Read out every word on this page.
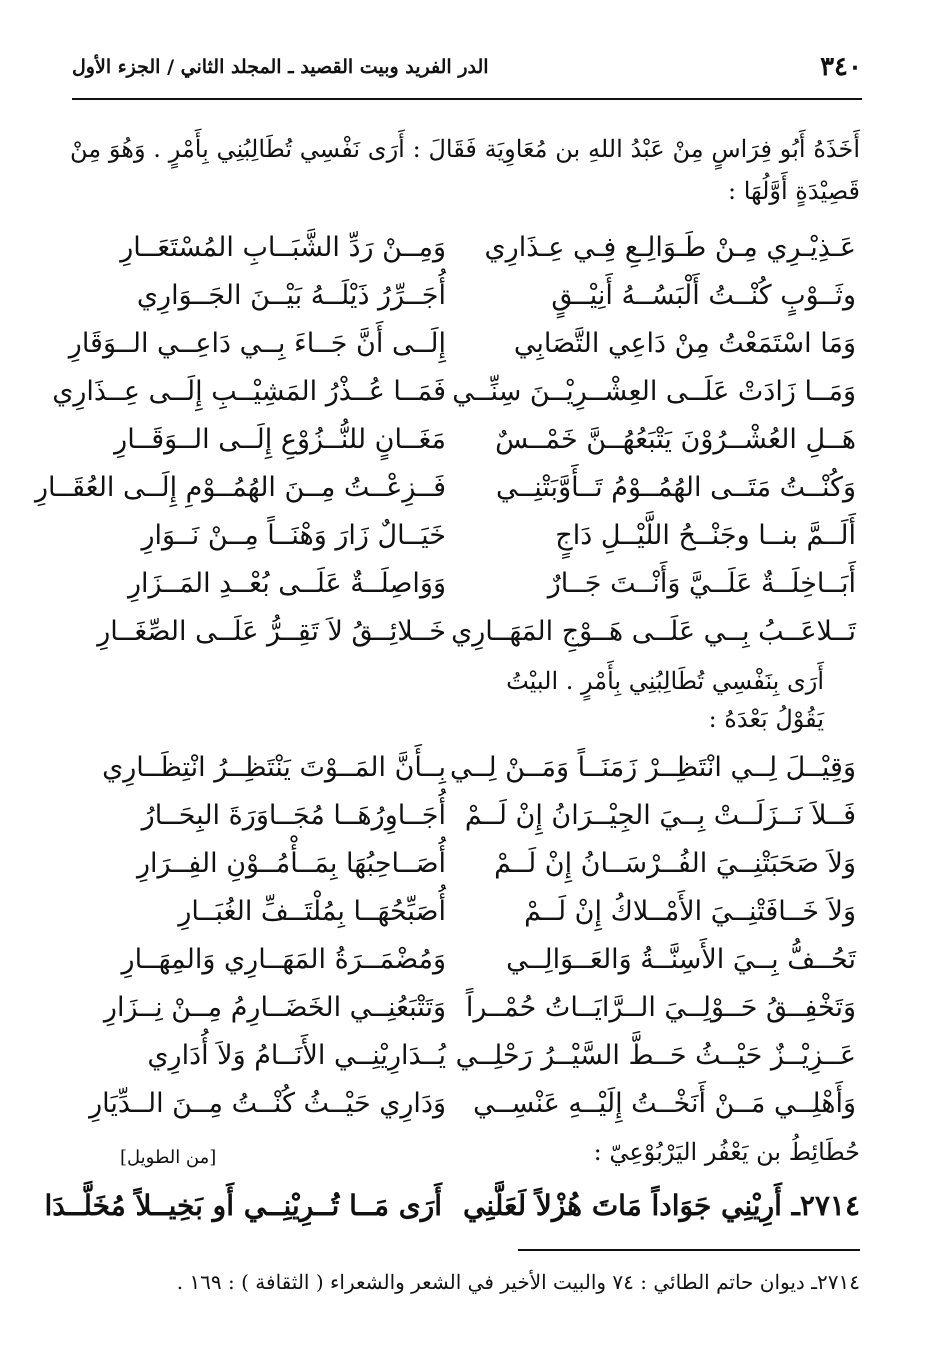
٣٤٠
الدر الفريد وبيت القصيد ـ المجلد الثاني / الجزء الأول
أَخَذَهُ أَبُو فِرَاسٍ مِنْ عَبْدُ اللهِ بن مُعَاوِيَة فَقَالَ : أَرَى نَفْسِي تُطَالِبُنِي بِأَمْرٍ . وَهُوَ مِنْ قَصِيْدَةٍ أَوَّلُهَا :
عَـذِيْـرِي مِـنْ طَـوَالِـعِ فِـي عِـذَارِي
وَمِــنْ رَدِّ الشَّبَــابِ المُسْتَعَــارِ
وثَــوْبٍ كُنْــتُ أَلْبَسُــهُ أَنِيْــقٍ
أُجَــرِّرُ ذَيْلَــهُ بَيْــنَ الجَــوَارِي
وَمَا اسْتَمَعْتُ مِنْ دَاعِي التَّصَابِي
إِلَــى أَنَّ جَــاءَ بِــي دَاعِــي الــوَقَارِ
وَمَــا زَادَتْ عَلَــى العِشْــرِيْــنَ سِنِّــي
فَمَــا عُــذْرُ المَشِيْــبِ إِلَــى عِــذَارِي
هَــلِ العُشْــرُوْنَ يَتْبَعُهُــنَّ خَمْــسٌ
مَغَــانٍ للنُّــزُوْعِ إِلَــى الــوَقَــارِ
وَكُنْــتُ مَتَــى الهُمُــوْمُ تَــأَوَّبَتْنِــي
فَــزِعْــتُ مِــنَ الهُمُــوْمِ إِلَــى العُقَــارِ
أَلَــمَّ بنــا وجَنْــحُ اللَّيْــلِ دَاجٍ
خَيَــالٌ زَارَ وَهْنَــاً مِــنْ نَــوَارِ
أَبَــاخِلَــةٌ عَلَــيَّ وَأَنْــتَ جَــارٌ
وَوَاصِلَــةٌ عَلَــى بُعْــدِ المَــزَارِ
تَــلاعَــبُ بِــي عَلَــى هَــوْجِ المَهَــارِي
خَــلائِــقُ لاَ تَقِــرُّ عَلَــى الصِّغَــارِ
أَرَى بِنَفْسِي تُطَالِبُنِي بِأَمْرٍ . البيْتُ
يَقُوْلُ بَعْدَهُ :
وَقِيْــلَ لِــي انْتَظِــرْ زَمَنَــاً وَمَــنْ لِــي
بِــأَنَّ المَــوْتَ يَنْتَظِــرُ انْتِظَــارِي
فَــلاَ نَــزَلَــتْ بِــيَ الجِيْــرَانُ إِنْ لَــمْ
أُجَــاوِرُهَــا مُجَــاوَرَةَ البِحَــارُ
وَلاَ صَحَبَتْنِــيَ الفُــرْسَــانُ إِنْ لَــمْ
أُصَــاحِبُهَا بِمَــأْمُــوْنِ الفِــرَارِ
وَلاَ خَــافَتْنِــيَ الأَمْــلاكُ إِنْ لَــمْ
أُصَبِّحُهَــا بِمُلْتَــفِّ الغُبَــارِ
تَحُــفُّ بِــيَ الأَسِنَّــةُ وَالعَــوَالِــي
وَمُضْمَــرَةُ المَهَــارِي وَالمِهَــارِ
وَتَخْفِــقُ حَــوْلِــيَ الــرَّايَــاتُ حُمْــراً
وَتَتْبَعُنِــي الخَضَــارِمُ مِــنْ نِــزَارِ
عَــزِيْــزٌ حَيْــثُ حَــطَّ السَّيْــرُ رَحْلِــي
يُــدَارِيْنِــي الأَنَــامُ وَلاَ أُدَارِي
وَأَهْلِــي مَــنْ أَنَخْــتُ إِلَيْــهِ عَنْسِــي
وَدَارِي حَيْــثُ كُنْــتُ مِــنَ الــدِّيَارِ
حُطَائِطُ بن يَعْفُر اليَرْبُوْعِيّ :
[من الطويل]
٢٧١٤ـ أَرِيْنِي جَوَاداً مَاتَ هُزْلاً لَعَلَّنِي
أَرَى مَــا تُــرِيْنِــي أَو بَخِيــلاً مُخَلَّــدَا
٢٧١٤ـ ديوان حاتم الطائي : ٧٤ والبيت الأخير في الشعر والشعراء ( الثقافة ) : ١٦٩ .
